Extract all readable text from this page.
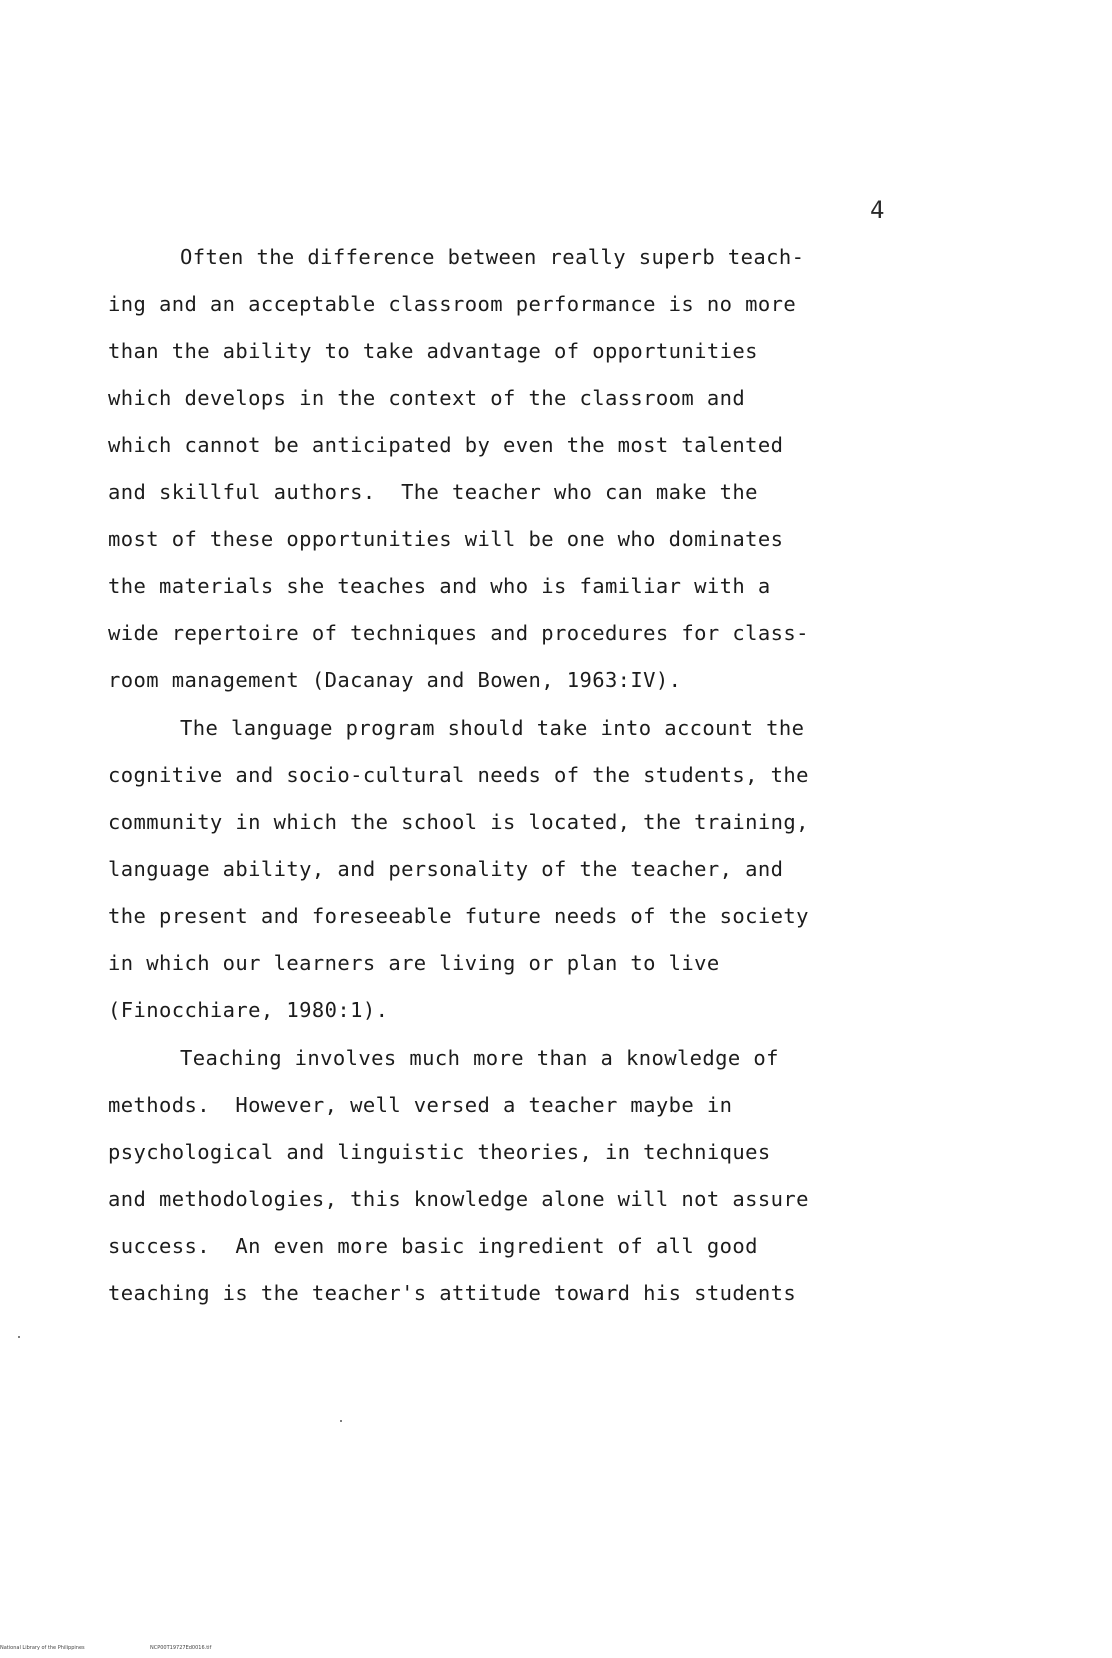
4

Often the difference between really superb teach-

ing and an acceptable classroom performance is no more

than the ability to take advantage of opportunities

which develops in the context of the classroom and

which cannot be anticipated by even the most talented

and skillful authors.  The teacher who can make the

most of these opportunities will be one who dominates

the materials she teaches and who is familiar with a

wide repertoire of techniques and procedures for class-

room management (Dacanay and Bowen, 1963:IV).

The language program should take into account the

cognitive and socio-cultural needs of the students, the

community in which the school is located, the training,

language ability, and personality of the teacher, and

the present and foreseeable future needs of the society

in which our learners are living or plan to live

(Finocchiare, 1980:1).

Teaching involves much more than a knowledge of

methods.  However, well versed a teacher maybe in

psychological and linguistic theories, in techniques

and methodologies, this knowledge alone will not assure

success.  An even more basic ingredient of all good

teaching is the teacher's attitude toward his students

National Library of the Philippines	NCP00T19727Ed0016.tif
